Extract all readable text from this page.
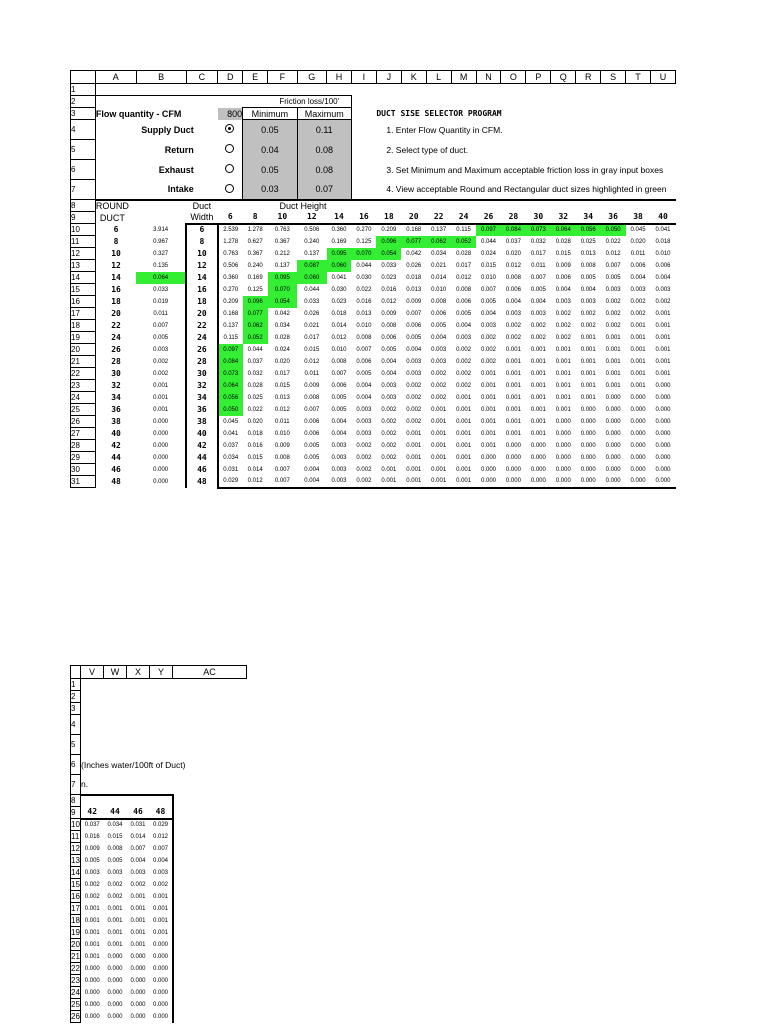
	A	B	C	D	E	F	G	H	I	J	K	L	M	N	O	P	Q	R	S	T	U
1																					
2						Friction loss/100'															
3	Flow quantity - CFM			800	Minimum		Maximum			DUCT SISE SELECTOR PROGRAM											
4	Supply Duct				0.05		0.11			1. Enter Flow Quantity in CFM.											
5	Return				0.04		0.08			2. Select type of duct.											
6	Exhaust				0.05		0.08			3. Set Minimum and Maximum acceptable friction loss in gray input boxes											
7	Intake				0.03		0.07			4. View acceptable Round and Rectangular duct sizes highlighted in green											
8	ROUND		Duct	Duct Height																	
9	DUCT		Width	6	8	10	12	14	16	18	20	22	24	26	28	30	32	34	36	38	40
10	6	3.914	6	2.539	1.278	0.763	0.506	0.360	0.270	0.209	0.168	0.137	0.115	0.097	0.084	0.073	0.064	0.056	0.050	0.045	0.041
11	8	0.967	8	1.278	0.627	0.367	0.240	0.169	0.125	0.096	0.077	0.062	0.052	0.044	0.037	0.032	0.028	0.025	0.022	0.020	0.018
12	10	0.327	10	0.763	0.367	0.212	0.137	0.095	0.070	0.054	0.042	0.034	0.028	0.024	0.020	0.017	0.015	0.013	0.012	0.011	0.010
13	12	0.135	12	0.506	0.240	0.137	0.087	0.060	0.044	0.033	0.026	0.021	0.017	0.015	0.012	0.011	0.009	0.008	0.007	0.006	0.006
14	14	0.064	14	0.360	0.169	0.095	0.060	0.041	0.030	0.023	0.018	0.014	0.012	0.010	0.008	0.007	0.006	0.005	0.005	0.004	0.004
15	16	0.033	16	0.270	0.125	0.070	0.044	0.030	0.022	0.016	0.013	0.010	0.008	0.007	0.006	0.005	0.004	0.004	0.003	0.003	0.003
16	18	0.019	18	0.209	0.096	0.054	0.033	0.023	0.016	0.012	0.009	0.008	0.006	0.005	0.004	0.004	0.003	0.003	0.002	0.002	0.002
17	20	0.011	20	0.168	0.077	0.042	0.026	0.018	0.013	0.009	0.007	0.006	0.005	0.004	0.003	0.003	0.002	0.002	0.002	0.002	0.001
18	22	0.007	22	0.137	0.062	0.034	0.021	0.014	0.010	0.008	0.006	0.005	0.004	0.003	0.002	0.002	0.002	0.002	0.002	0.001	0.001
19	24	0.005	24	0.115	0.052	0.028	0.017	0.012	0.008	0.006	0.005	0.004	0.003	0.002	0.002	0.002	0.002	0.001	0.001	0.001	0.001
20	26	0.003	26	0.097	0.044	0.024	0.015	0.010	0.007	0.005	0.004	0.003	0.002	0.002	0.001	0.001	0.001	0.001	0.001	0.001	0.001
21	28	0.002	28	0.084	0.037	0.020	0.012	0.008	0.006	0.004	0.003	0.003	0.002	0.002	0.001	0.001	0.001	0.001	0.001	0.001	0.001
22	30	0.002	30	0.073	0.032	0.017	0.011	0.007	0.005	0.004	0.003	0.002	0.002	0.001	0.001	0.001	0.001	0.001	0.001	0.001	0.001
23	32	0.001	32	0.064	0.028	0.015	0.009	0.006	0.004	0.003	0.002	0.002	0.002	0.001	0.001	0.001	0.001	0.001	0.001	0.001	0.000
24	34	0.001	34	0.056	0.025	0.013	0.008	0.005	0.004	0.003	0.002	0.002	0.001	0.001	0.001	0.001	0.001	0.001	0.000	0.000	0.000
25	36	0.001	36	0.050	0.022	0.012	0.007	0.005	0.003	0.002	0.002	0.001	0.001	0.001	0.001	0.001	0.001	0.000	0.000	0.000	0.000
26	38	0.000	38	0.045	0.020	0.011	0.006	0.004	0.003	0.002	0.002	0.001	0.001	0.001	0.001	0.001	0.000	0.000	0.000	0.000	0.000
27	40	0.000	40	0.041	0.018	0.010	0.006	0.004	0.003	0.002	0.001	0.001	0.001	0.001	0.001	0.001	0.000	0.000	0.000	0.000	0.000
28	42	0.000	42	0.037	0.016	0.009	0.005	0.003	0.002	0.002	0.001	0.001	0.001	0.001	0.000	0.000	0.000	0.000	0.000	0.000	0.000
29	44	0.000	44	0.034	0.015	0.008	0.005	0.003	0.002	0.002	0.001	0.001	0.001	0.000	0.000	0.000	0.000	0.000	0.000	0.000	0.000
30	46	0.000	46	0.031	0.014	0.007	0.004	0.003	0.002	0.001	0.001	0.001	0.001	0.000	0.000	0.000	0.000	0.000	0.000	0.000	0.000
31	48	0.000	48	0.029	0.012	0.007	0.004	0.003	0.002	0.001	0.001	0.001	0.001	0.000	0.000	0.000	0.000	0.000	0.000	0.000	0.000
	V	W	X	Y	AC
1					
2					
3					
4					
5					
6	(Inches water/100ft of Duct)				
7	n.				
8					
9	42	44	46	48	
10	0.037	0.034	0.031	0.029	
11	0.016	0.015	0.014	0.012	
12	0.009	0.008	0.007	0.007	
13	0.005	0.005	0.004	0.004	
14	0.003	0.003	0.003	0.003	
15	0.002	0.002	0.002	0.002	
16	0.002	0.002	0.001	0.001	
17	0.001	0.001	0.001	0.001	
18	0.001	0.001	0.001	0.001	
19	0.001	0.001	0.001	0.001	
20	0.001	0.001	0.001	0.000	
21	0.001	0.000	0.000	0.000	
22	0.000	0.000	0.000	0.000	
23	0.000	0.000	0.000	0.000	
24	0.000	0.000	0.000	0.000	
25	0.000	0.000	0.000	0.000	
26	0.000	0.000	0.000	0.000	
